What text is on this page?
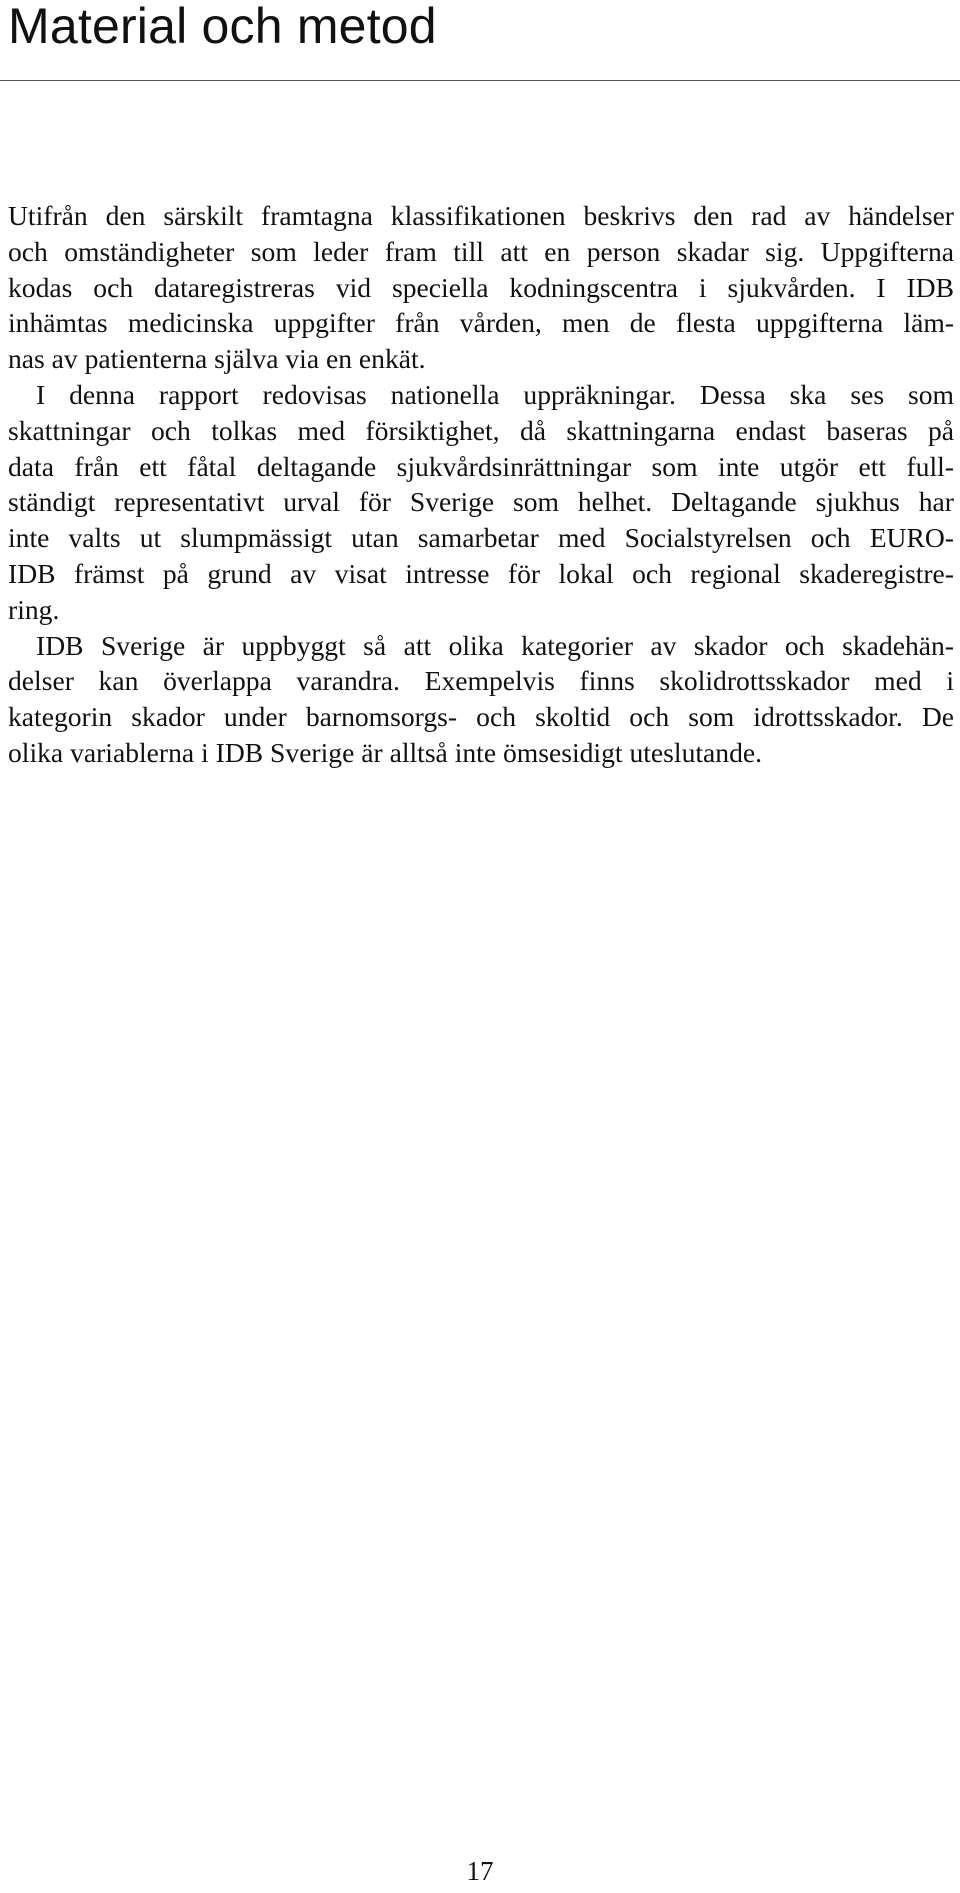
Material och metod

Utifrån den särskilt framtagna klassifikationen beskrivs den rad av händelser
och omständigheter som leder fram till att en person skadar sig. Uppgifterna
kodas och dataregistreras vid speciella kodningscentra i sjukvården. I IDB
inhämtas medicinska uppgifter från vården, men de flesta uppgifterna läm-
nas av patienterna själva via en enkät.

I denna rapport redovisas nationella uppräkningar. Dessa ska ses som
skattningar och tolkas med försiktighet, då skattningarna endast baseras på
data från ett fåtal deltagande sjukvårdsinrättningar som inte utgör ett full-
ständigt representativt urval för Sverige som helhet. Deltagande sjukhus har
inte valts ut slumpmässigt utan samarbetar med Socialstyrelsen och EURO-
IDB främst på grund av visat intresse för lokal och regional skaderegistre-
ring.

IDB Sverige är uppbyggt så att olika kategorier av skador och skadehän-
delser kan överlappa varandra. Exempelvis finns skolidrottsskador med i
kategorin skador under barnomsorgs- och skoltid och som idrottsskador. De
olika variablerna i IDB Sverige är alltså inte ömsesidigt uteslutande.

17
